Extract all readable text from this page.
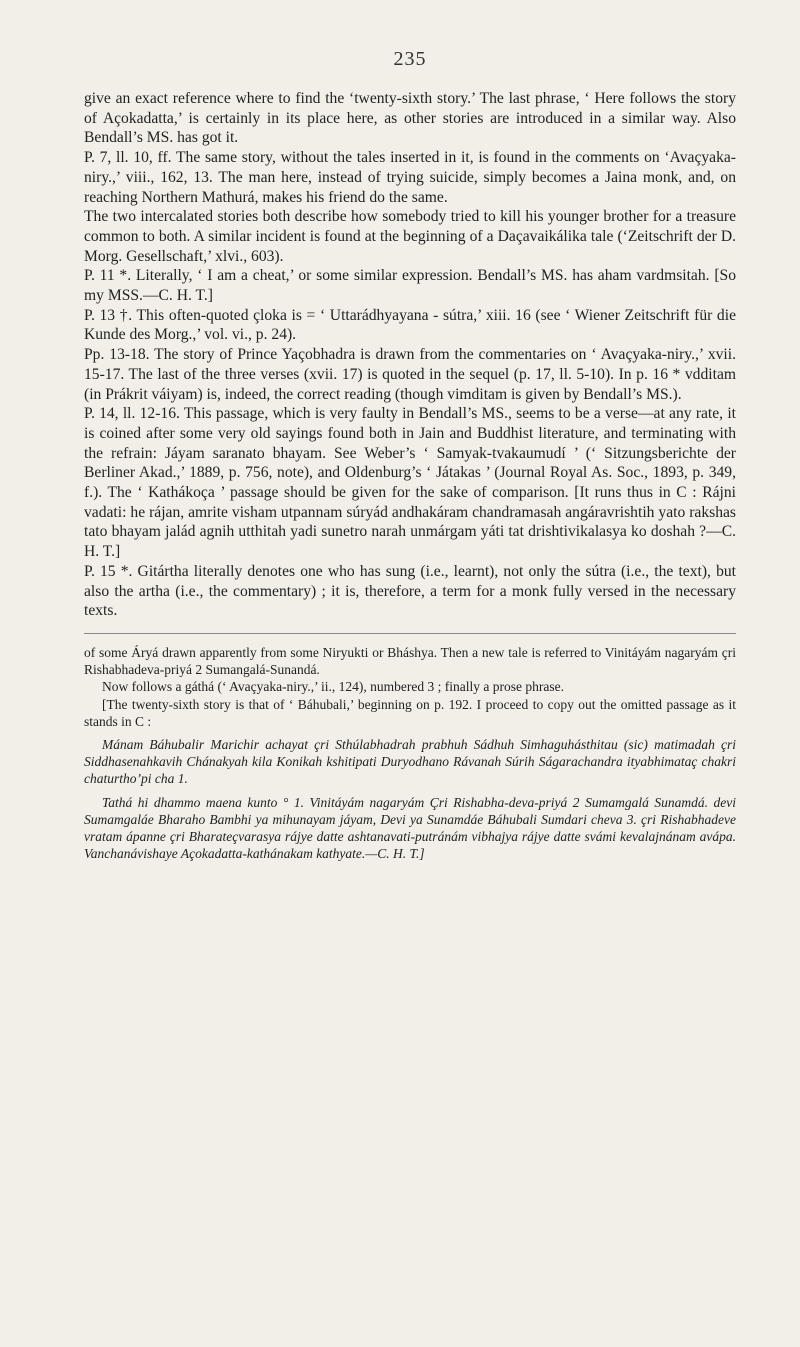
235

give an exact reference where to find the ‘twenty-sixth story.’ The last phrase, ‘ Here follows the story of Açokadatta,’ is certainly in its place here, as other stories are introduced in a similar way. Also Bendall’s MS. has got it.

P. 7, ll. 10, ff. The same story, without the tales inserted in it, is found in the comments on ‘Avaçyaka-niry.,’ viii., 162, 13. The man here, instead of trying suicide, simply becomes a Jaina monk, and, on reaching Northern Mathurá, makes his friend do the same.

The two intercalated stories both describe how somebody tried to kill his younger brother for a treasure common to both. A similar incident is found at the beginning of a Daçavaikálika tale (‘Zeitschrift der D. Morg. Gesellschaft,’ xlvi., 603).

P. 11 *. Literally, ‘ I am a cheat,’ or some similar expression. Bendall’s MS. has aham vardmsitah. [So my MSS.—C. H. T.]

P. 13 †. This often-quoted çloka is = ‘ Uttarádhyayana - sútra,’ xiii. 16 (see ‘ Wiener Zeitschrift für die Kunde des Morg.,’ vol. vi., p. 24).

Pp. 13-18. The story of Prince Yaçobhadra is drawn from the commentaries on ‘ Avaçyaka-niry.,’ xvii. 15-17. The last of the three verses (xvii. 17) is quoted in the sequel (p. 17, ll. 5-10). In p. 16 * vdditam (in Prákrit váiyam) is, indeed, the correct reading (though vimditam is given by Bendall’s MS.).

P. 14, ll. 12-16. This passage, which is very faulty in Bendall’s MS., seems to be a verse—at any rate, it is coined after some very old sayings found both in Jain and Buddhist literature, and terminating with the refrain: Jáyam saranato bhayam. See Weber’s ‘ Samyak-tvakaumudí ’ (‘ Sitzungsberichte der Berliner Akad.,’ 1889, p. 756, note), and Oldenburg’s ‘ Játakas ’ (Journal Royal As. Soc., 1893, p. 349, f.). The ‘ Kathákoça ’ passage should be given for the sake of comparison. [It runs thus in C : Rájni vadati: he rájan, amrite visham utpannam súryád andhakáram chandramasah angáravrishtih yato rakshas tato bhayam jalád agnih utthitah yadi sunetro narah unmárgam yáti tat drishtivikalasya ko doshah ?—C. H. T.]

P. 15 *. Gitártha literally denotes one who has sung (i.e., learnt), not only the sútra (i.e., the text), but also the artha (i.e., the commentary) ; it is, therefore, a term for a monk fully versed in the necessary texts.

of some Áryá drawn apparently from some Niryukti or Bháshya. Then a new tale is referred to Vinitáyám nagaryám çri Rishabhadeva-priyá 2 Sumangalá-Sunandá.

Now follows a gáthá (‘ Avaçyaka-niry.,’ ii., 124), numbered 3 ; finally a prose phrase.

[The twenty-sixth story is that of ‘ Báhubali,’ beginning on p. 192. I proceed to copy out the omitted passage as it stands in C :

Mánam Báhubalir Marichir achayat çri Sthúlabhadrah prabhuh Sádhuh Simhaguhásthitau (sic) matimadah çri Siddhasenahkavih Chánakyah kila Konikah kshitipati Duryodhano Rávanah Súrih Ságarachandra ityabhimataç chakri chaturtho’pi cha 1.

Tathá hi dhammo maena kunto ° 1. Vinitáyám nagaryám Çri Rishabha-deva-priyá 2 Sumamgalá Sunamdá. devi Sumamgaláe Bharaho Bambhi ya mihunayam jáyam, Devi ya Sunamdáe Báhubali Sumdari cheva 3. çri Rishabhadeve vratam ápanne çri Bharateçvarasya rájye datte ashtanavati-putránám vibhajya rájye datte svámi kevalajnánam avápa. Vanchanávishaye Açokadatta-kathánakam kathyate.—C. H. T.]
